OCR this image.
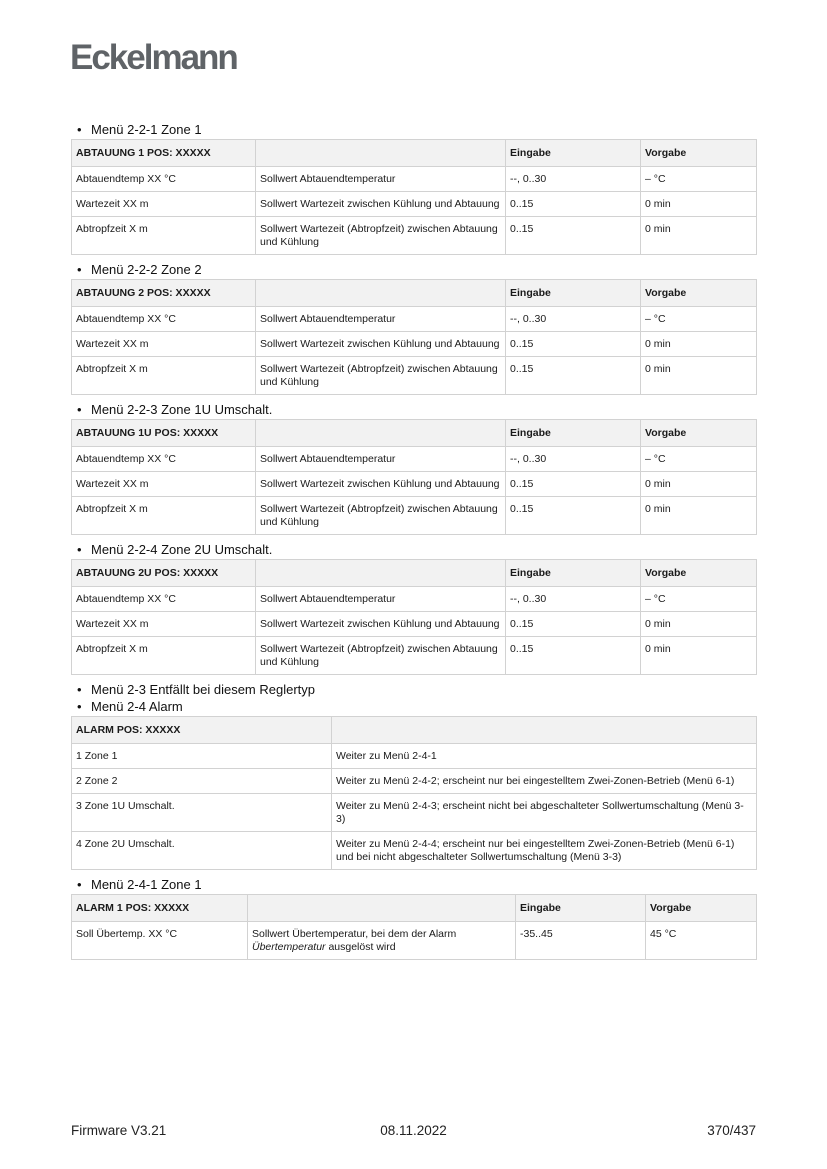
Eckelmann
• Menü 2-2-1 Zone 1
ABTAUUNG 1 POS: XXXXX		Eingabe	Vorgabe
Abtauendtemp XX °C	Sollwert Abtauendtemperatur	--, 0..30	– °C
Wartezeit XX m	Sollwert Wartezeit zwischen Kühlung und Abtauung	0..15	0 min
Abtropfzeit X m	Sollwert Wartezeit (Abtropfzeit) zwischen Abtauung und Kühlung	0..15	0 min
• Menü 2-2-2 Zone 2
ABTAUUNG 2 POS: XXXXX		Eingabe	Vorgabe
Abtauendtemp XX °C	Sollwert Abtauendtemperatur	--, 0..30	– °C
Wartezeit XX m	Sollwert Wartezeit zwischen Kühlung und Abtauung	0..15	0 min
Abtropfzeit X m	Sollwert Wartezeit (Abtropfzeit) zwischen Abtauung und Kühlung	0..15	0 min
• Menü 2-2-3 Zone 1U Umschalt.
ABTAUUNG 1U POS: XXXXX		Eingabe	Vorgabe
Abtauendtemp XX °C	Sollwert Abtauendtemperatur	--, 0..30	– °C
Wartezeit XX m	Sollwert Wartezeit zwischen Kühlung und Abtauung	0..15	0 min
Abtropfzeit X m	Sollwert Wartezeit (Abtropfzeit) zwischen Abtauung und Kühlung	0..15	0 min
• Menü 2-2-4 Zone 2U Umschalt.
ABTAUUNG 2U POS: XXXXX		Eingabe	Vorgabe
Abtauendtemp XX °C	Sollwert Abtauendtemperatur	--, 0..30	– °C
Wartezeit XX m	Sollwert Wartezeit zwischen Kühlung und Abtauung	0..15	0 min
Abtropfzeit X m	Sollwert Wartezeit (Abtropfzeit) zwischen Abtauung und Kühlung	0..15	0 min
• Menü 2-3 Entfällt bei diesem Reglertyp
• Menü 2-4 Alarm
ALARM POS: XXXXX	
1 Zone 1	Weiter zu Menü 2-4-1
2 Zone 2	Weiter zu Menü 2-4-2; erscheint nur bei eingestelltem Zwei-Zonen-Betrieb (Menü 6-1)
3 Zone 1U Umschalt.	Weiter zu Menü 2-4-3; erscheint nicht bei abgeschalteter Sollwertumschaltung (Menü 3-3)
4 Zone 2U Umschalt.	Weiter zu Menü 2-4-4; erscheint nur bei eingestelltem Zwei-Zonen-Betrieb (Menü 6-1) und bei nicht abgeschalteter Sollwertumschaltung (Menü 3-3)
• Menü 2-4-1 Zone 1
ALARM 1 POS: XXXXX		Eingabe	Vorgabe
Soll Übertemp. XX °C	Sollwert Übertemperatur, bei dem der Alarm Übertemperatur ausgelöst wird	-35..45	45 °C
Firmware V3.21	08.11.2022	370/437
